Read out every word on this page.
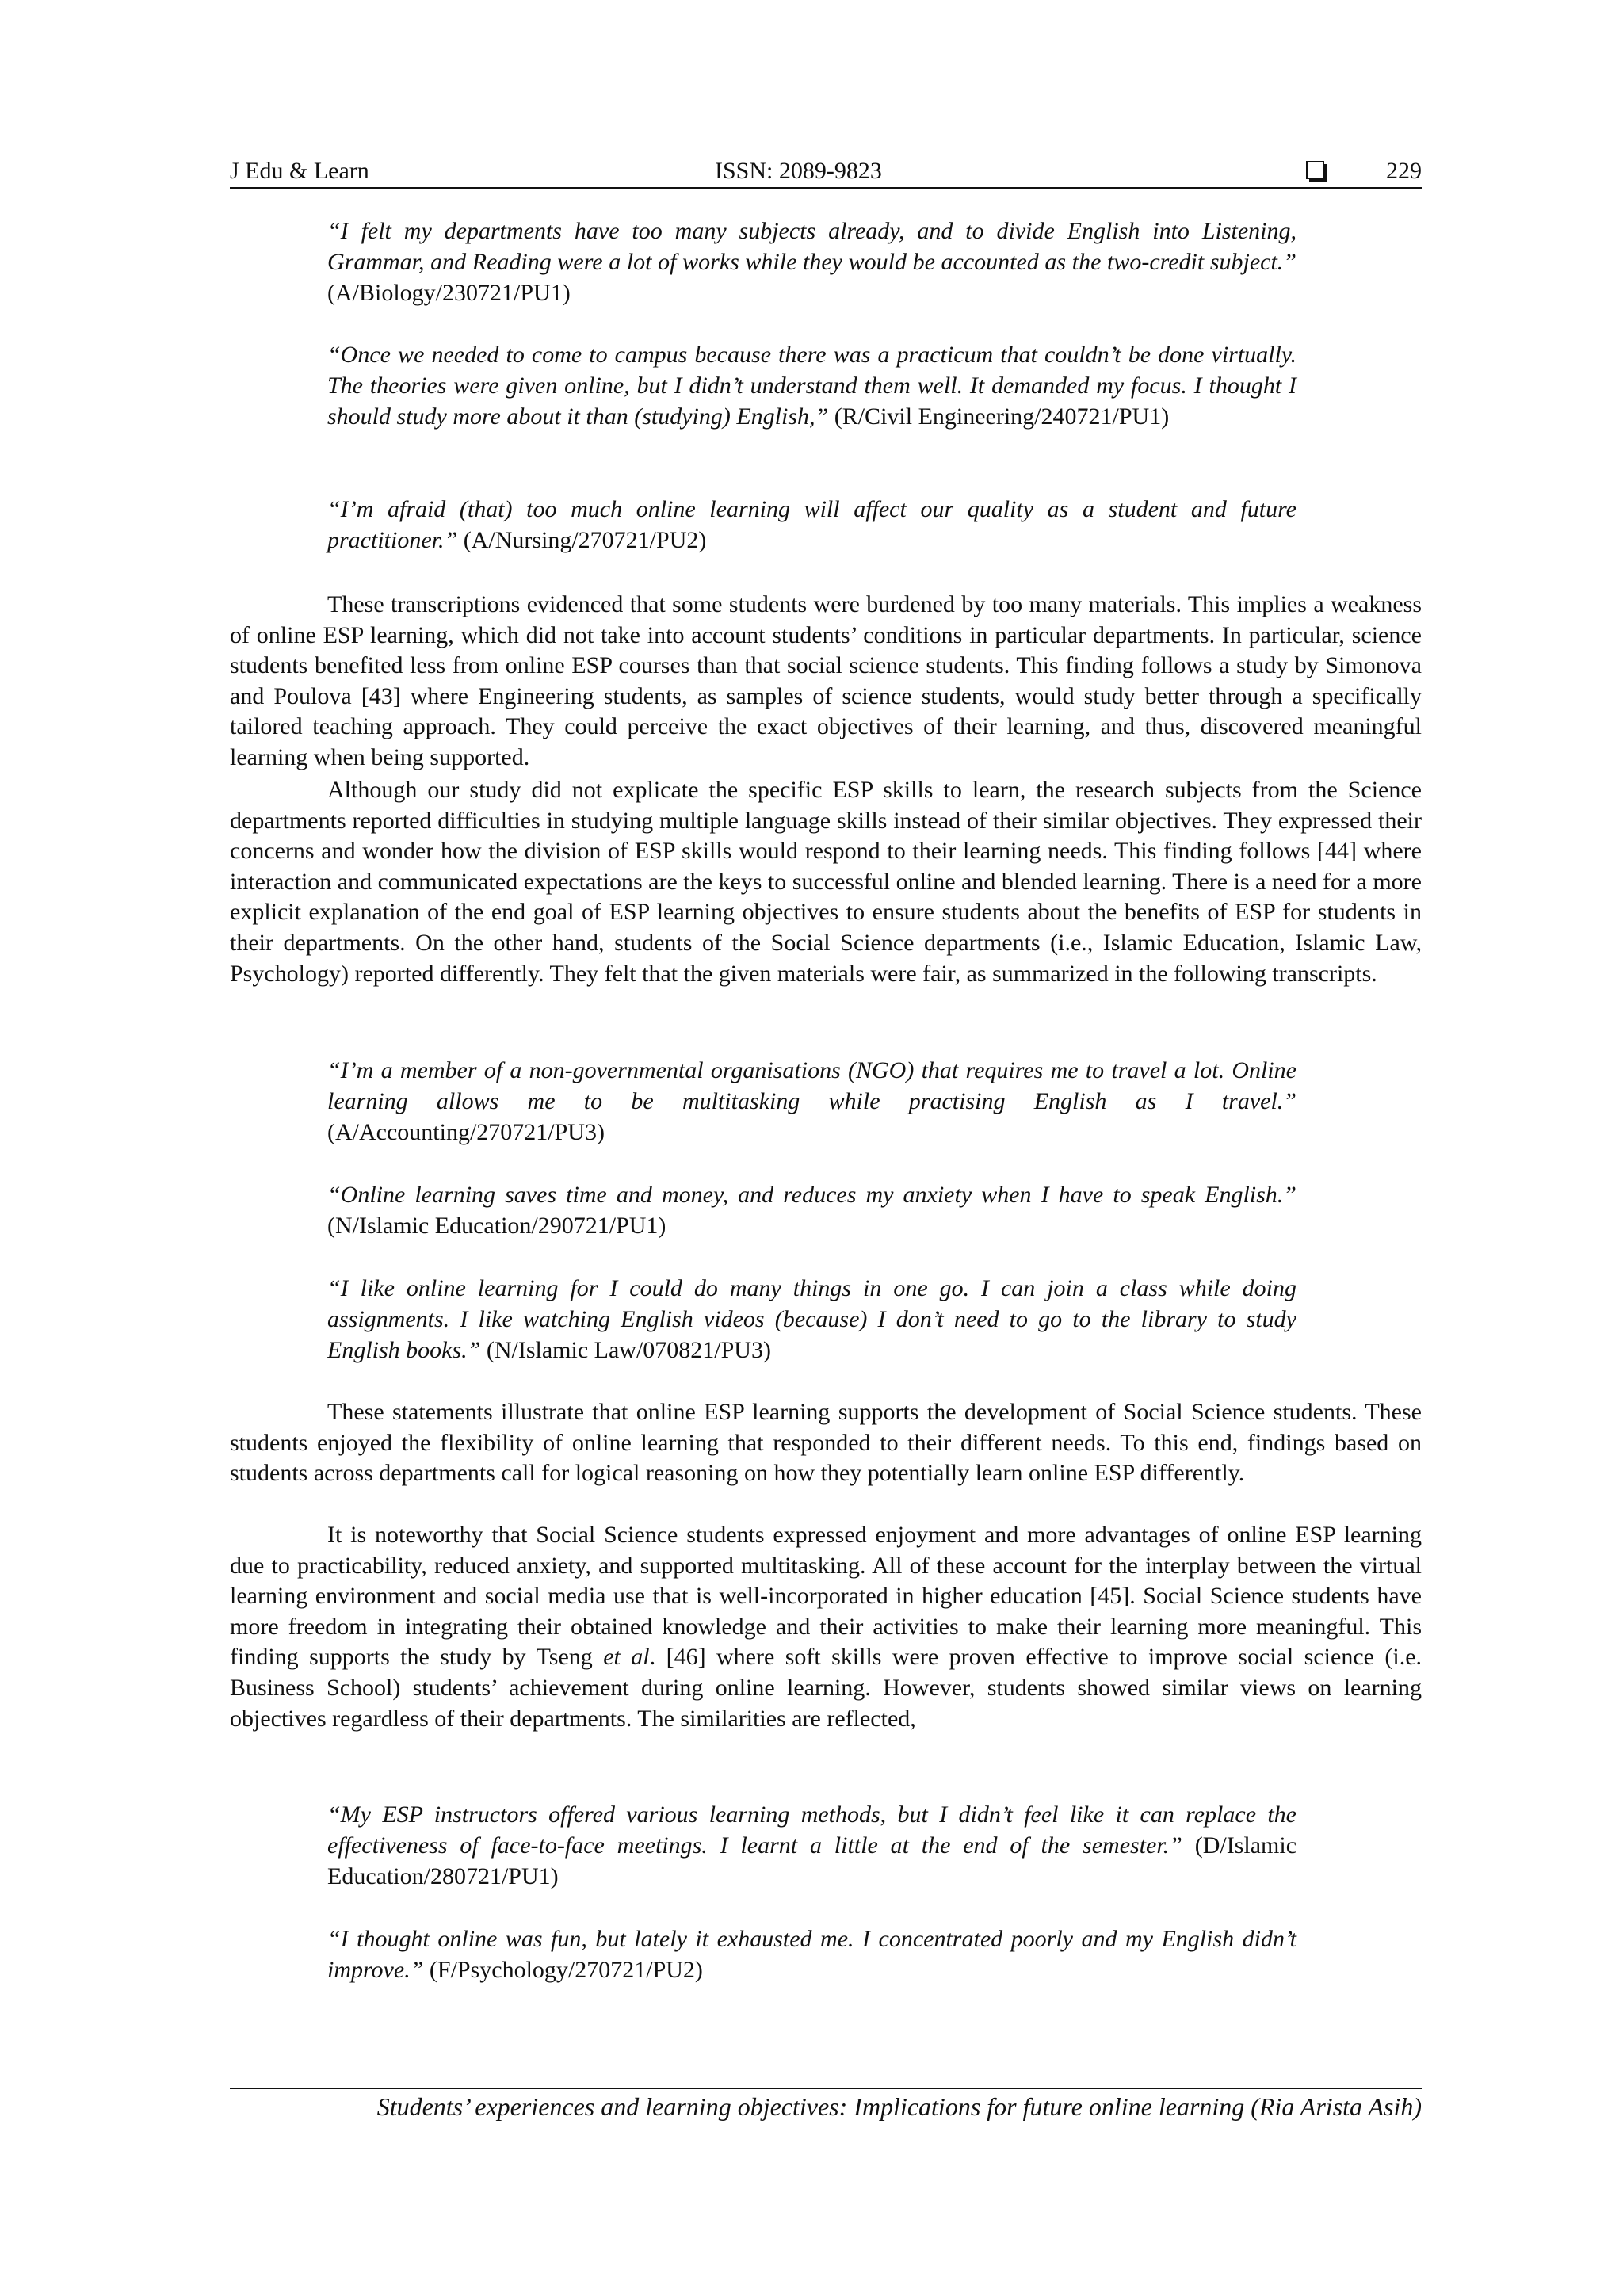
J Edu & Learn	ISSN: 2089-9823	229
“I felt my departments have too many subjects already, and to divide English into Listening, Grammar, and Reading were a lot of works while they would be accounted as the two-credit subject.” (A/Biology/230721/PU1)
“Once we needed to come to campus because there was a practicum that couldn’t be done virtually. The theories were given online, but I didn’t understand them well. It demanded my focus. I thought I should study more about it than (studying) English,” (R/Civil Engineering/240721/PU1)
“I’m afraid (that) too much online learning will affect our quality as a student and future practitioner.” (A/Nursing/270721/PU2)
These transcriptions evidenced that some students were burdened by too many materials. This implies a weakness of online ESP learning, which did not take into account students’ conditions in particular departments. In particular, science students benefited less from online ESP courses than that social science students. This finding follows a study by Simonova and Poulova [43] where Engineering students, as samples of science students, would study better through a specifically tailored teaching approach. They could perceive the exact objectives of their learning, and thus, discovered meaningful learning when being supported.
Although our study did not explicate the specific ESP skills to learn, the research subjects from the Science departments reported difficulties in studying multiple language skills instead of their similar objectives. They expressed their concerns and wonder how the division of ESP skills would respond to their learning needs. This finding follows [44] where interaction and communicated expectations are the keys to successful online and blended learning. There is a need for a more explicit explanation of the end goal of ESP learning objectives to ensure students about the benefits of ESP for students in their departments. On the other hand, students of the Social Science departments (i.e., Islamic Education, Islamic Law, Psychology) reported differently. They felt that the given materials were fair, as summarized in the following transcripts.
“I’m a member of a non-governmental organisations (NGO) that requires me to travel a lot. Online learning allows me to be multitasking while practising English as I travel.” (A/Accounting/270721/PU3)
“Online learning saves time and money, and reduces my anxiety when I have to speak English.” (N/Islamic Education/290721/PU1)
“I like online learning for I could do many things in one go. I can join a class while doing assignments. I like watching English videos (because) I don’t need to go to the library to study English books.” (N/Islamic Law/070821/PU3)
These statements illustrate that online ESP learning supports the development of Social Science students. These students enjoyed the flexibility of online learning that responded to their different needs. To this end, findings based on students across departments call for logical reasoning on how they potentially learn online ESP differently.
It is noteworthy that Social Science students expressed enjoyment and more advantages of online ESP learning due to practicability, reduced anxiety, and supported multitasking. All of these account for the interplay between the virtual learning environment and social media use that is well-incorporated in higher education [45]. Social Science students have more freedom in integrating their obtained knowledge and their activities to make their learning more meaningful. This finding supports the study by Tseng et al. [46] where soft skills were proven effective to improve social science (i.e. Business School) students’ achievement during online learning. However, students showed similar views on learning objectives regardless of their departments. The similarities are reflected,
“My ESP instructors offered various learning methods, but I didn’t feel like it can replace the effectiveness of face-to-face meetings. I learnt a little at the end of the semester.” (D/Islamic Education/280721/PU1)
“I thought online was fun, but lately it exhausted me. I concentrated poorly and my English didn’t improve.” (F/Psychology/270721/PU2)
Students’ experiences and learning objectives: Implications for future online learning (Ria Arista Asih)
